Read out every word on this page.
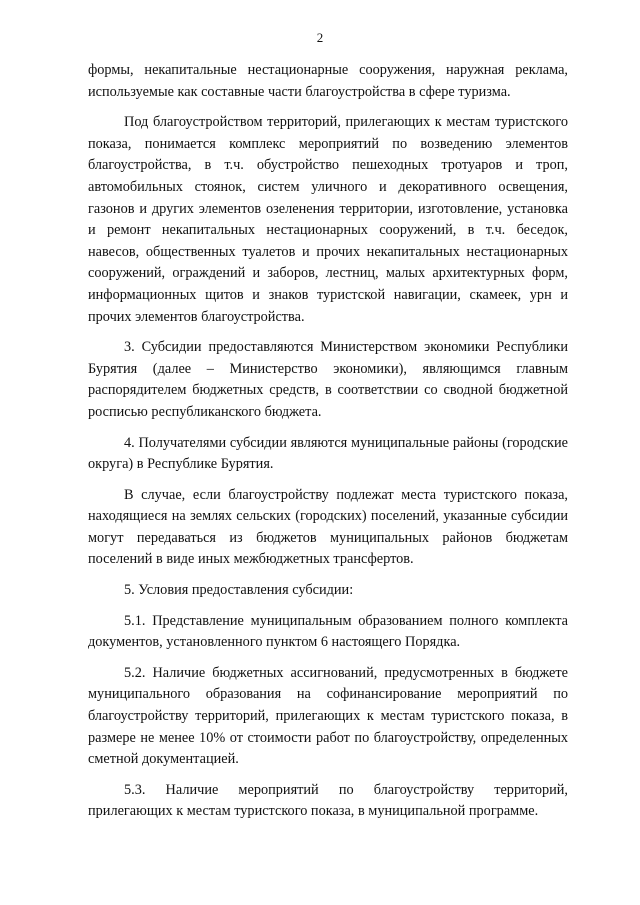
2

формы, некапитальные нестационарные сооружения, наружная реклама, используемые как составные части благоустройства в сфере туризма.

Под благоустройством территорий, прилегающих к местам туристского показа, понимается комплекс мероприятий по возведению элементов благоустройства, в т.ч. обустройство пешеходных тротуаров и троп, автомобильных стоянок, систем уличного и декоративного освещения, газонов и других элементов озеленения территории, изготовление, установка и ремонт некапитальных нестационарных сооружений, в т.ч. беседок, навесов, общественных туалетов и прочих некапитальных нестационарных сооружений, ограждений и заборов, лестниц, малых архитектурных форм, информационных щитов и знаков туристской навигации, скамеек, урн и прочих элементов благоустройства.

3. Субсидии предоставляются Министерством экономики Республики Бурятия (далее – Министерство экономики), являющимся главным распорядителем бюджетных средств, в соответствии со сводной бюджетной росписью республиканского бюджета.

4. Получателями субсидии являются муниципальные районы (городские округа) в Республике Бурятия.

В случае, если благоустройству подлежат места туристского показа, находящиеся на землях сельских (городских) поселений, указанные субсидии могут передаваться из бюджетов муниципальных районов бюджетам поселений в виде иных межбюджетных трансфертов.

5. Условия предоставления субсидии:

5.1. Представление муниципальным образованием полного комплекта документов, установленного пунктом 6 настоящего Порядка.

5.2. Наличие бюджетных ассигнований, предусмотренных в бюджете муниципального образования на софинансирование мероприятий по благоустройству территорий, прилегающих к местам туристского показа, в размере не менее 10% от стоимости работ по благоустройству, определенных сметной документацией.

5.3. Наличие мероприятий по благоустройству территорий, прилегающих к местам туристского показа, в муниципальной программе.
